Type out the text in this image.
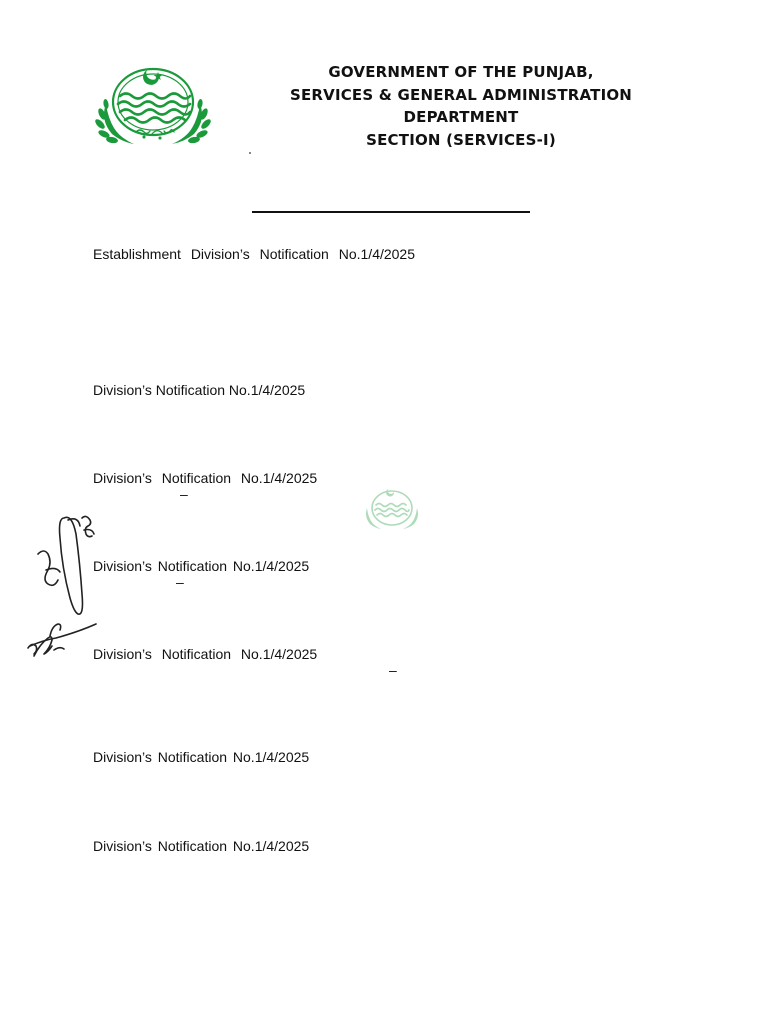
GOVERNMENT OF THE PUNJAB,
SERVICES & GENERAL ADMINISTRATION
DEPARTMENT
SECTION (SERVICES-I)
Establishment Division’s Notification No.1/4/2025
Division’s Notification No.1/4/2025
Division’s Notification No.1/4/2025
–
Division’s Notification No.1/4/2025
–
Division’s Notification No.1/4/2025
–
Division’s Notification No.1/4/2025
Division’s Notification No.1/4/2025
